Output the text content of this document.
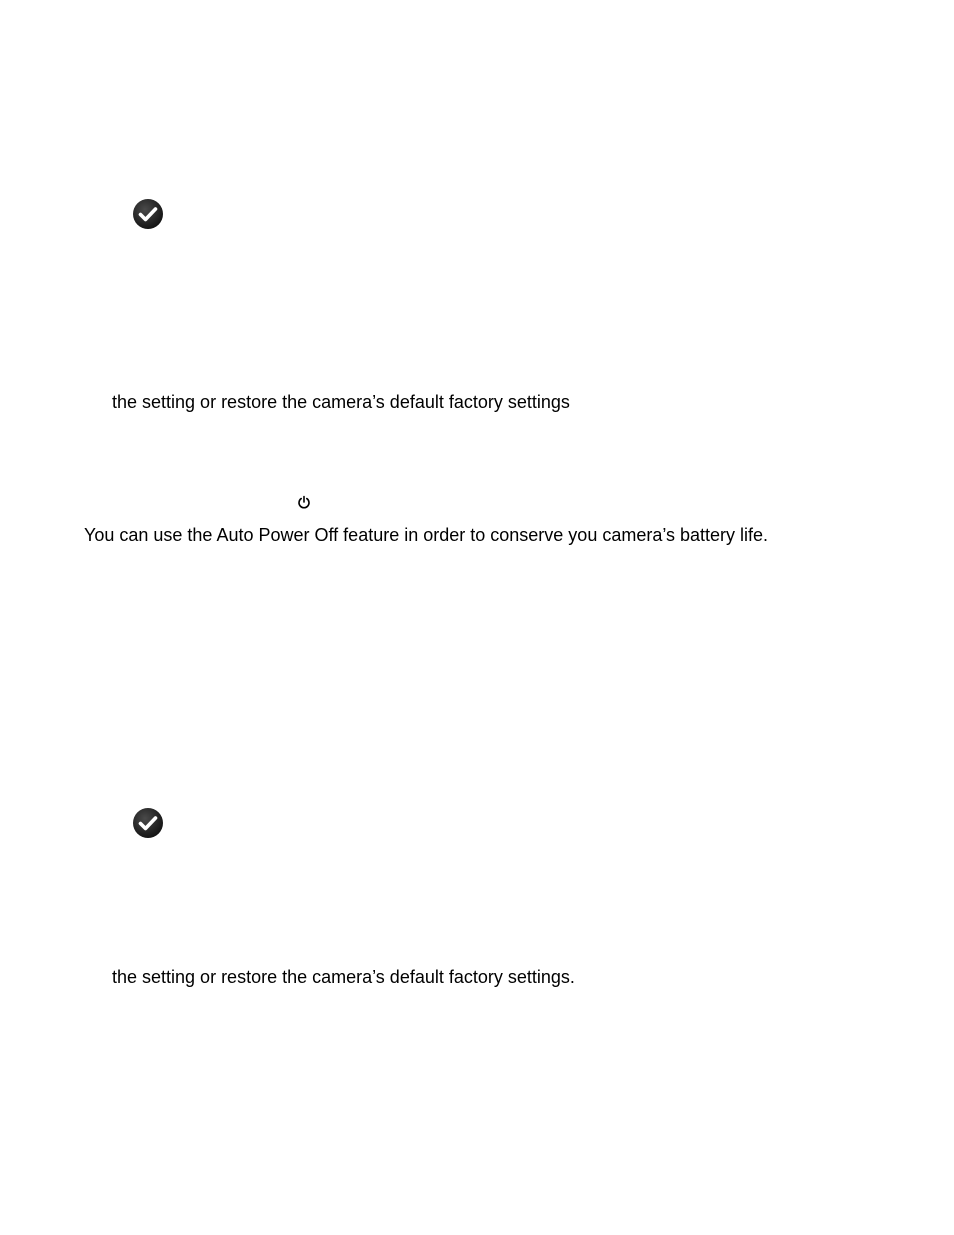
the setting or restore the camera’s default factory settings

You can use the Auto Power Off feature in order to conserve you camera’s battery life.

the setting or restore the camera’s default factory settings.
